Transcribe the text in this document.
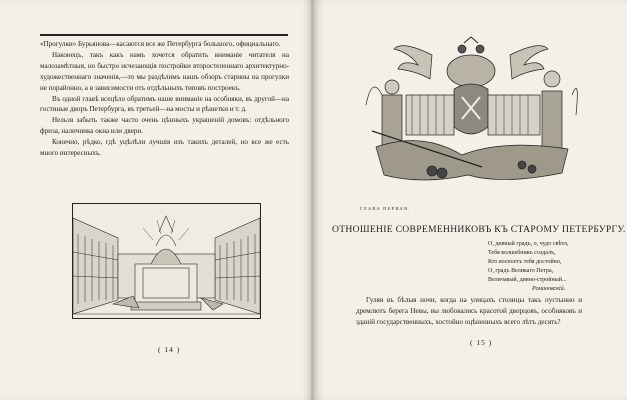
«Прогулки» Бурьянова—касаются все же Петербурга большого, официальнаго.

Наконецъ, такъ какъ намъ хочется обратить вниманіе читателя на малозамѣтныя, но быстро исчезающія постройки второстепеннаго архитектурно-художественнаго значенія,—то мы раздѣлимъ нашъ обзоръ старины на прогулки не порайонно, а в зависимости отъ отдѣльныхъ типовъ построекъ.

Въ одной главѣ всецѣло обратимъ наше вниманіе на особняки, въ другой—на гостиные дворъ Петербурга, въ третьей—на мосты и рѣшетки и т. д.

Нельзя забыть также часто очень цѣнныхъ украшеній домовъ: отдѣльного фриза, наличника окна или двери.

Конечно, рѣдко, гдѣ уцѣлѣли лучшія изъ такихъ деталей, но все же есть много интересныхъ.

( 14 )
ГЛАВА ПЕРВАЯ.
ОТНОШЕНІЕ СОВРЕМЕННИКОВЪ КЪ СТАРОМУ ПЕТЕРБУРГУ.
О, дивный градъ, о, чудо свѣта,
Тебя волшебникъ создалъ,
Кто воспоетъ тебя достойно,
О, градъ Великаго Петра,
Величавый, дивно-стройный...
Романовскій.

Гуляя въ бѣлыя ночи, когда на улицахъ столицы такъ пустынно и дремлютъ берега Невы, вы любовались красотой дворцовъ, особняковъ и зданій государственныхъ, хостойно оцѣненныхъ всего лѣтъ десять?

( 15 )
